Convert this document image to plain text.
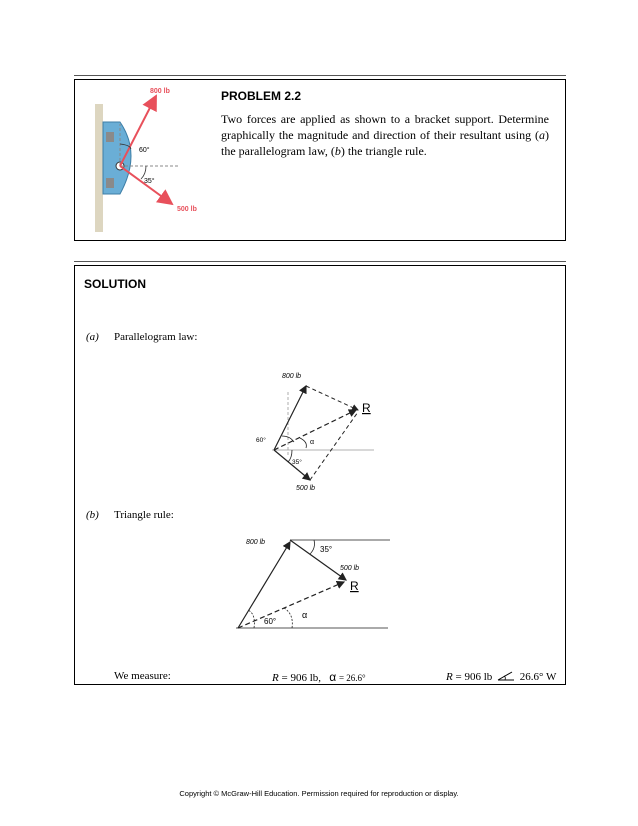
800 lb
500 lb
60°
35°
PROBLEM 2.2
Two forces are applied as shown to a bracket support. Determine graphically the magnitude and direction of their resultant using (a) the parallelogram law, (b) the triangle rule.
SOLUTION
(a) Parallelogram law:
800 lb
500 lb
R
60°
35°
α
(b) Triangle rule:
800 lb
35°
500 lb
R
60°
α
We measure:	R = 906 lb, α = 26.6°	R = 906 lb	26.6° W
Copyright © McGraw-Hill Education. Permission required for reproduction or display.
